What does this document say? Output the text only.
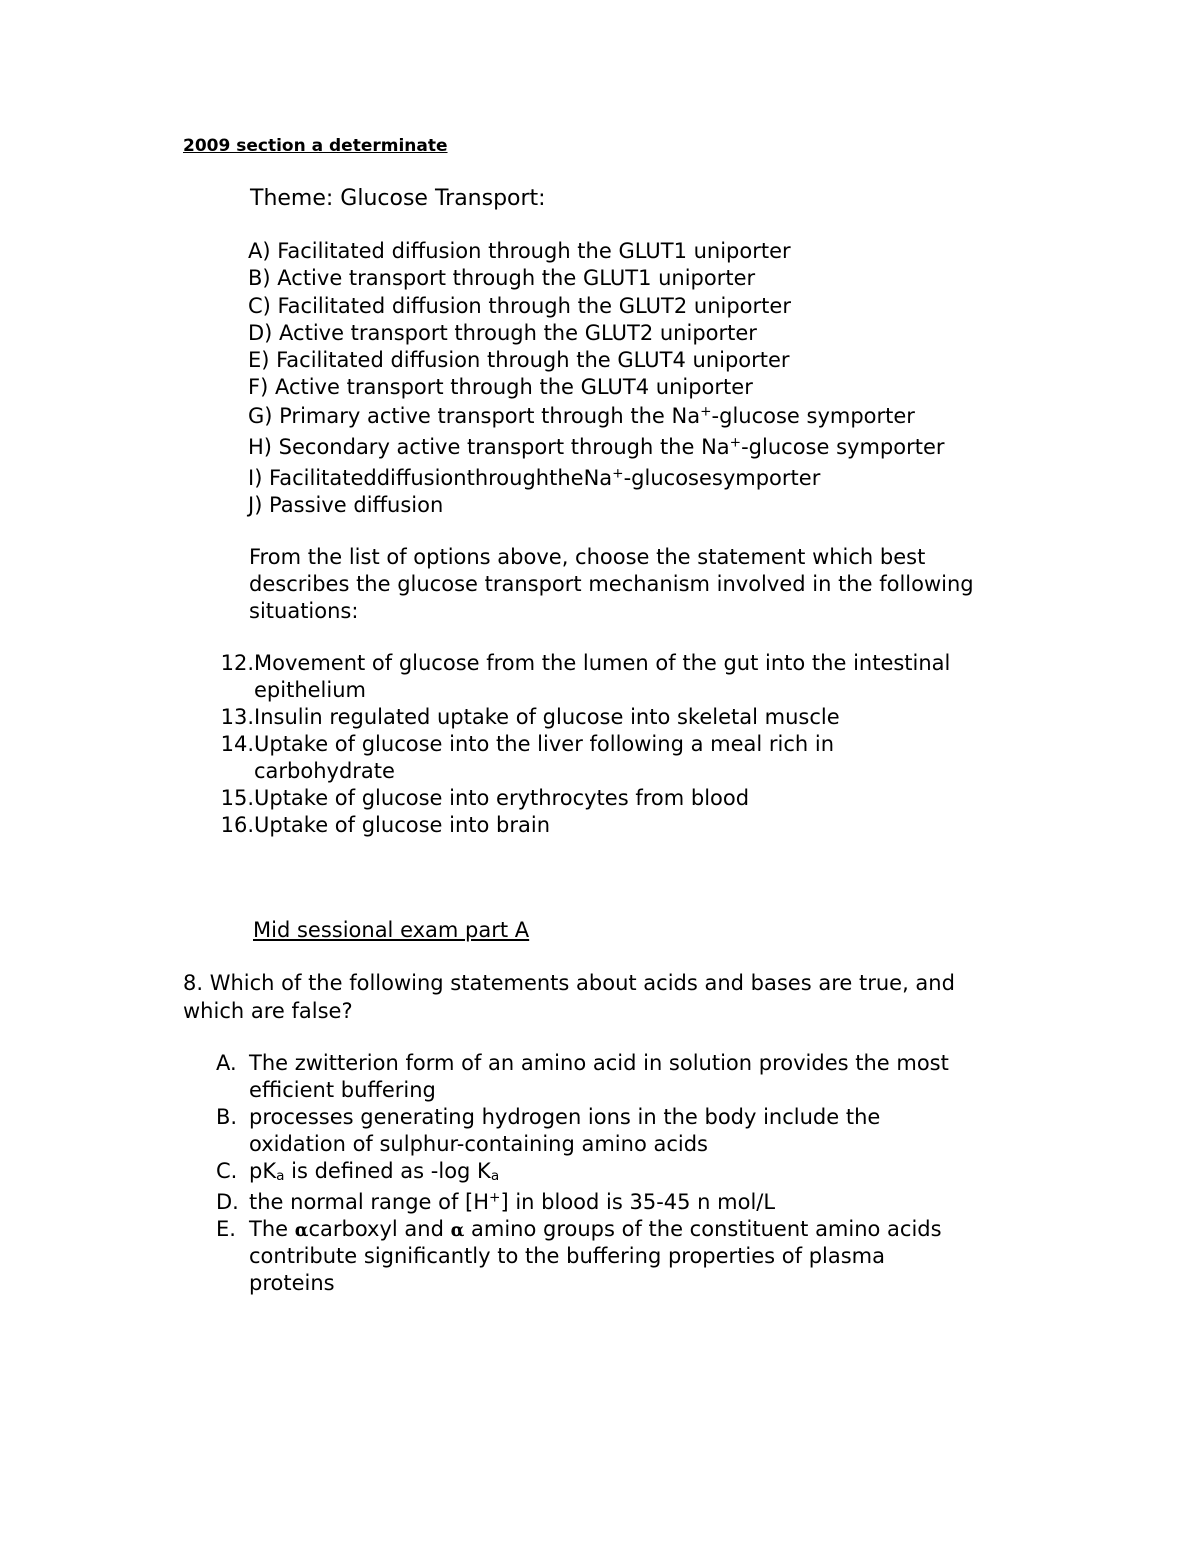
2009 section a determinate
Theme: Glucose Transport:
A) Facilitated diffusion through the GLUT1 uniporter
B) Active transport through the GLUT1 uniporter
C) Facilitated diffusion through the GLUT2 uniporter
D) Active transport through the GLUT2 uniporter
E) Facilitated diffusion through the GLUT4 uniporter
F) Active transport through the GLUT4 uniporter
G) Primary active transport through the Na+-glucose symporter
H) Secondary active transport through the Na+-glucose symporter
I) FacilitateddiffusionthroughtheNa+-glucosesymporter
J) Passive diffusion
From the list of options above, choose the statement which best
describes the glucose transport mechanism involved in the following
situations:
12.Movement of glucose from the lumen of the gut into the intestinal
epithelium
13.Insulin regulated uptake of glucose into skeletal muscle
14.Uptake of glucose into the liver following a meal rich in
carbohydrate
15.Uptake of glucose into erythrocytes from blood
16.Uptake of glucose into brain
Mid sessional exam part A
8. Which of the following statements about acids and bases are true, and
which are false?
A. The zwitterion form of an amino acid in solution provides the most
efficient buffering
B. processes generating hydrogen ions in the body include the
oxidation of sulphur-containing amino acids
C. $pK_a$ is defined as -log $K_a$
D. the normal range of [H+] in blood is 35-45 n mol/L
E. The αcarboxyl and α amino groups of the constituent amino acids
contribute significantly to the buffering properties of plasma
proteins
